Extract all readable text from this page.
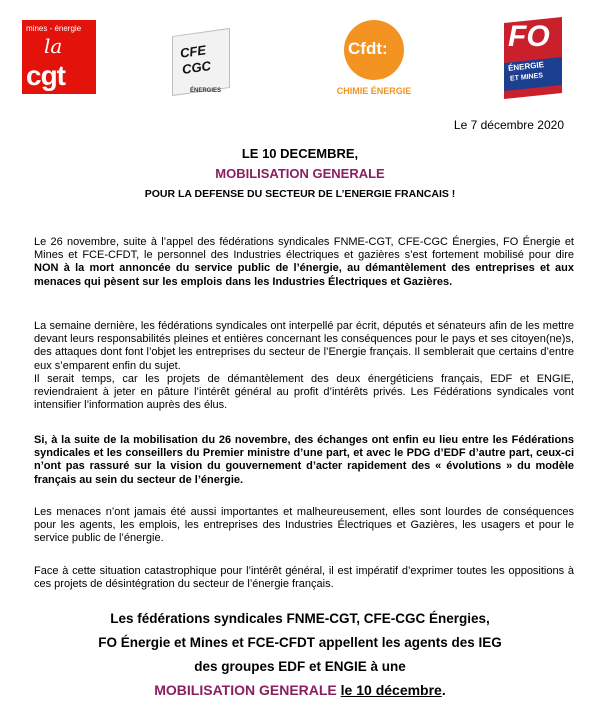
mines - énergie
la
cgt
CFE
CGC
ÉNERGIES
Cfdt:
CHIMIE ÉNERGIE
FO
ÉNERGIE
ET MINES
Le 7 décembre 2020
LE 10 DECEMBRE,
MOBILISATION GENERALE
POUR LA DEFENSE DU SECTEUR DE L’ENERGIE FRANCAIS !
Le 26 novembre, suite à l’appel des fédérations syndicales FNME-CGT, CFE-CGC Énergies, FO Énergie et Mines et FCE-CFDT, le personnel des Industries électriques et gazières s’est fortement mobilisé pour dire NON à la mort annoncée du service public de l’énergie, au démantèlement des entreprises et aux menaces qui pèsent sur les emplois dans les Industries Électriques et Gazières.
La semaine dernière, les fédérations syndicales ont interpellé par écrit, députés et sénateurs afin de les mettre devant leurs responsabilités pleines et entières concernant les conséquences pour le pays et ses citoyen(ne)s, des attaques dont font l’objet les entreprises du secteur de l’Energie français. Il semblerait que certains d’entre eux s’emparent enfin du sujet.
Il serait temps, car les projets de démantèlement des deux énergéticiens français, EDF et ENGIE, reviendraient à jeter en pâture l’intérêt général au profit d’intérêts privés. Les Fédérations syndicales vont intensifier l’information auprès des élus.
Si, à la suite de la mobilisation du 26 novembre, des échanges ont enfin eu lieu entre les Fédérations syndicales et les conseillers du Premier ministre d’une part, et avec le PDG d’EDF d’autre part, ceux-ci n’ont pas rassuré sur la vision du gouvernement d’acter rapidement des « évolutions » du modèle français au sein du secteur de l’énergie.
Les menaces n’ont jamais été aussi importantes et malheureusement, elles sont lourdes de conséquences pour les agents, les emplois, les entreprises des Industries Électriques et Gazières, les usagers et pour le service public de l’énergie.
Face à cette situation catastrophique pour l’intérêt général, il est impératif d’exprimer toutes les oppositions à ces projets de désintégration du secteur de l’énergie français.
Les fédérations syndicales FNME-CGT, CFE-CGC Énergies,
FO Énergie et Mines et FCE-CFDT appellent les agents des IEG
des groupes EDF et ENGIE à une
MOBILISATION GENERALE le 10 décembre.
